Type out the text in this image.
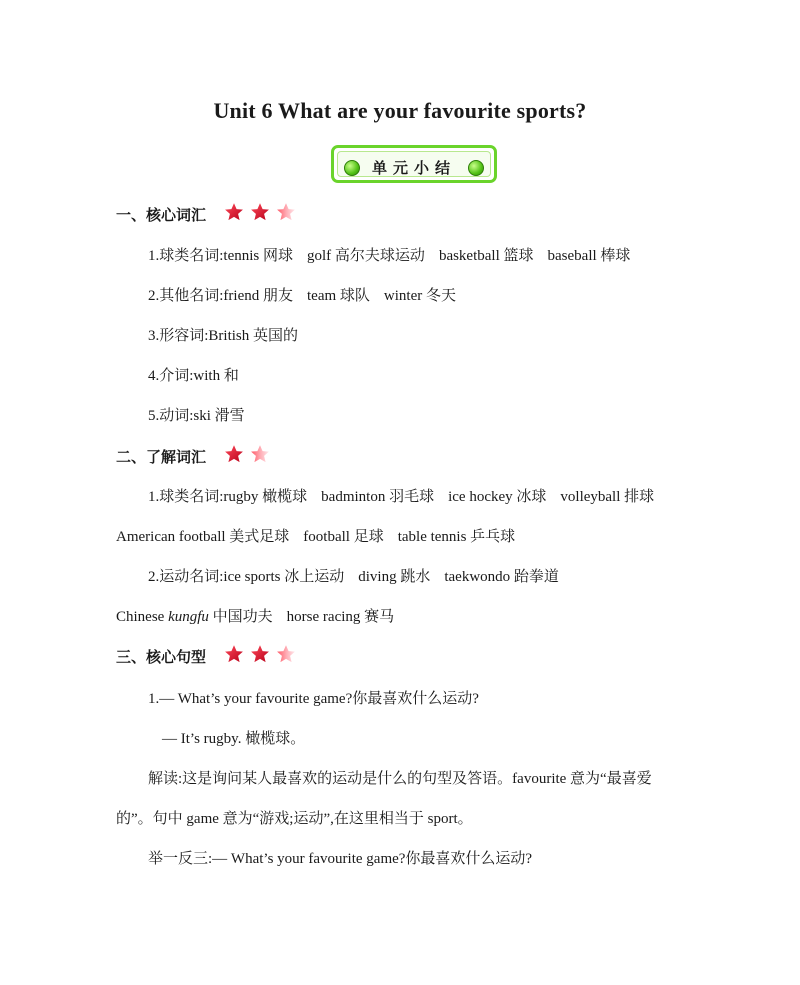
Unit 6 What are your favourite sports?
单元小结
一、核心词汇

1.球类名词:tennis 网球 golf 高尔夫球运动 basketball 篮球 baseball 棒球
2.其他名词:friend 朋友 team 球队 winter 冬天
3.形容词:British 英国的
4.介词:with 和
5.动词:ski 滑雪
二、了解词汇

1.球类名词:rugby 橄榄球 badminton 羽毛球 ice hockey 冰球 volleyball 排球
American football 美式足球 football 足球 table tennis 乒乓球
2.运动名词:ice sports 冰上运动 diving 跳水 taekwondo 跆拳道
Chinese kungfu 中国功夫 horse racing 赛马
三、核心句型

1.— What’s your favourite game?你最喜欢什么运动?
— It’s rugby. 橄榄球。
解读:这是询问某人最喜欢的运动是什么的句型及答语。favourite 意为“最喜爱
的”。句中 game 意为“游戏;运动”,在这里相当于 sport。
举一反三:— What’s your favourite game?你最喜欢什么运动?
